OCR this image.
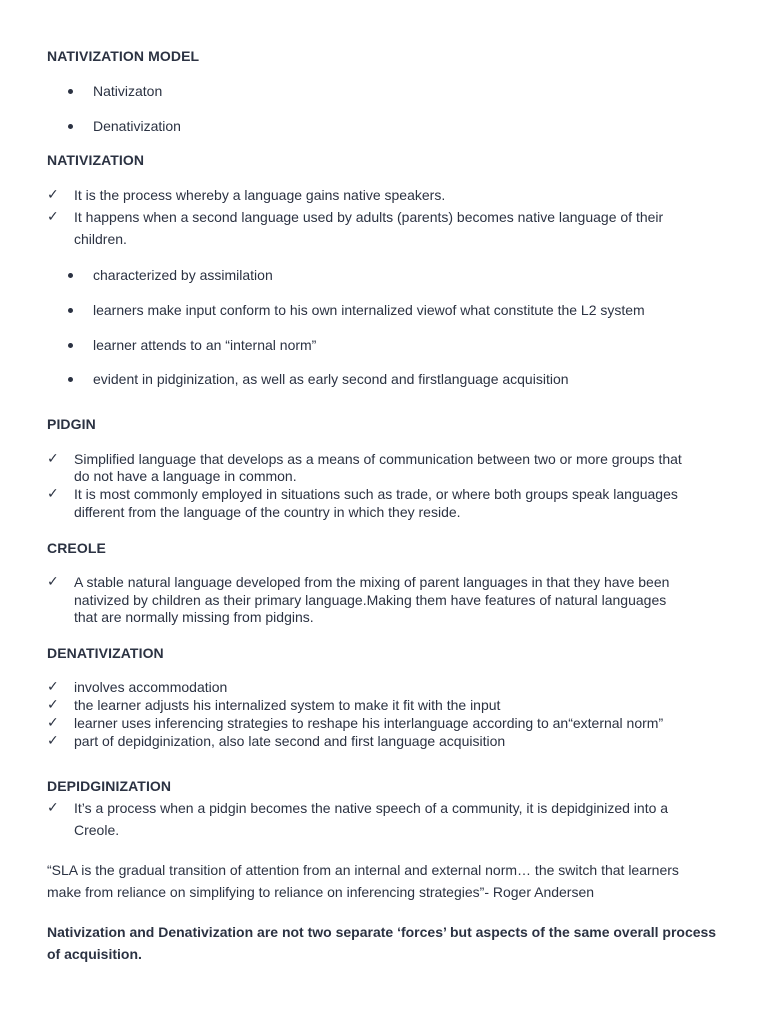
NATIVIZATION MODEL
Nativizaton
Denativization
NATIVIZATION
✓ It is the process whereby a language gains native speakers.
✓ It happens when a second language used by adults (parents) becomes native language of their
children.
characterized by assimilation
learners make input conform to his own internalized viewof what constitute the L2 system
learner attends to an “internal norm”
evident in pidginization, as well as early second and firstlanguage acquisition
PIDGIN
✓ Simplified language that develops as a means of communication between two or more groups that
do not have a language in common.
✓ It is most commonly employed in situations such as trade, or where both groups speak languages
different from the language of the country in which they reside.
CREOLE
✓ A stable natural language developed from the mixing of parent languages in that they have been
nativized by children as their primary language.Making them have features of natural languages
that are normally missing from pidgins.
DENATIVIZATION
✓ involves accommodation
✓ the learner adjusts his internalized system to make it fit with the input
✓ learner uses inferencing strategies to reshape his interlanguage according to an“external norm”
✓ part of depidginization, also late second and first language acquisition
DEPIDGINIZATION
✓ It’s a process when a pidgin becomes the native speech of a community, it is depidginized into a
Creole.
“SLA is the gradual transition of attention from an internal and external norm… the switch that learners
make from reliance on simplifying to reliance on inferencing strategies”- Roger Andersen
Nativization and Denativization are not two separate ‘forces’ but aspects of the same overall process
of acquisition.
